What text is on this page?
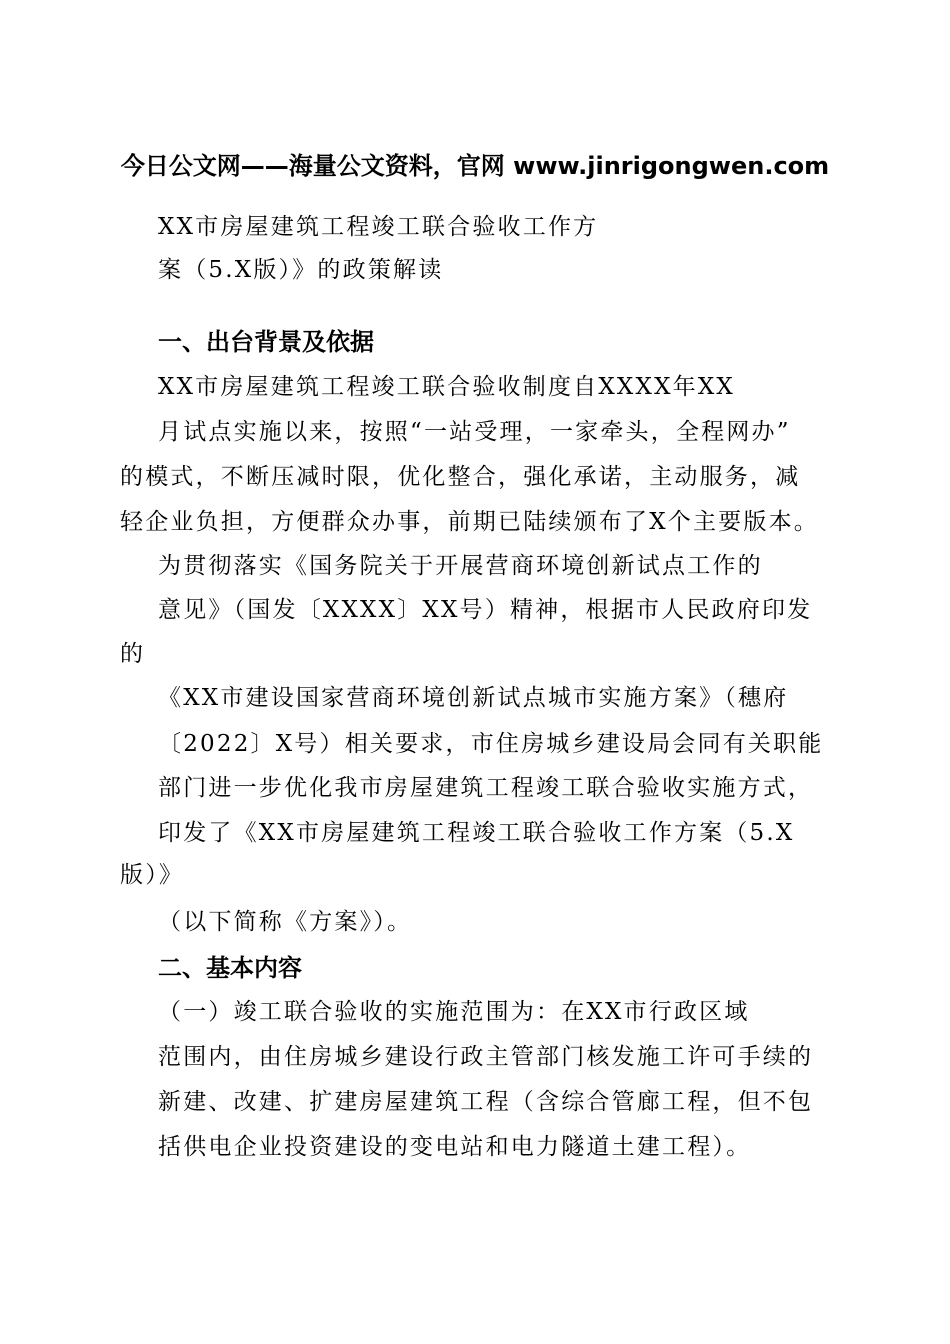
今日公文网——海量公文资料，官网 www.jinrigongwen.com
XX市房屋建筑工程竣工联合验收工作方
案（5.X版）》的政策解读
一、出台背景及依据
XX市房屋建筑工程竣工联合验收制度自XXXX年XX
月试点实施以来，按照“一站受理，一家牵头，全程网办”
的模式，不断压减时限，优化整合，强化承诺，主动服务，减
轻企业负担，方便群众办事，前期已陆续颁布了X个主要版本。
为贯彻落实《国务院关于开展营商环境创新试点工作的
意见》（国发〔XXXX〕XX号）精神，根据市人民政府印发
的
《XX市建设国家营商环境创新试点城市实施方案》（穗府
〔2022〕X号）相关要求，市住房城乡建设局会同有关职能
部门进一步优化我市房屋建筑工程竣工联合验收实施方式，
印发了《XX市房屋建筑工程竣工联合验收工作方案（5.X
版）》
（以下简称《方案》）。
二、基本内容
（一）竣工联合验收的实施范围为：在XX市行政区域
范围内，由住房城乡建设行政主管部门核发施工许可手续的
新建、改建、扩建房屋建筑工程（含综合管廊工程，但不包
括供电企业投资建设的变电站和电力隧道土建工程）。
